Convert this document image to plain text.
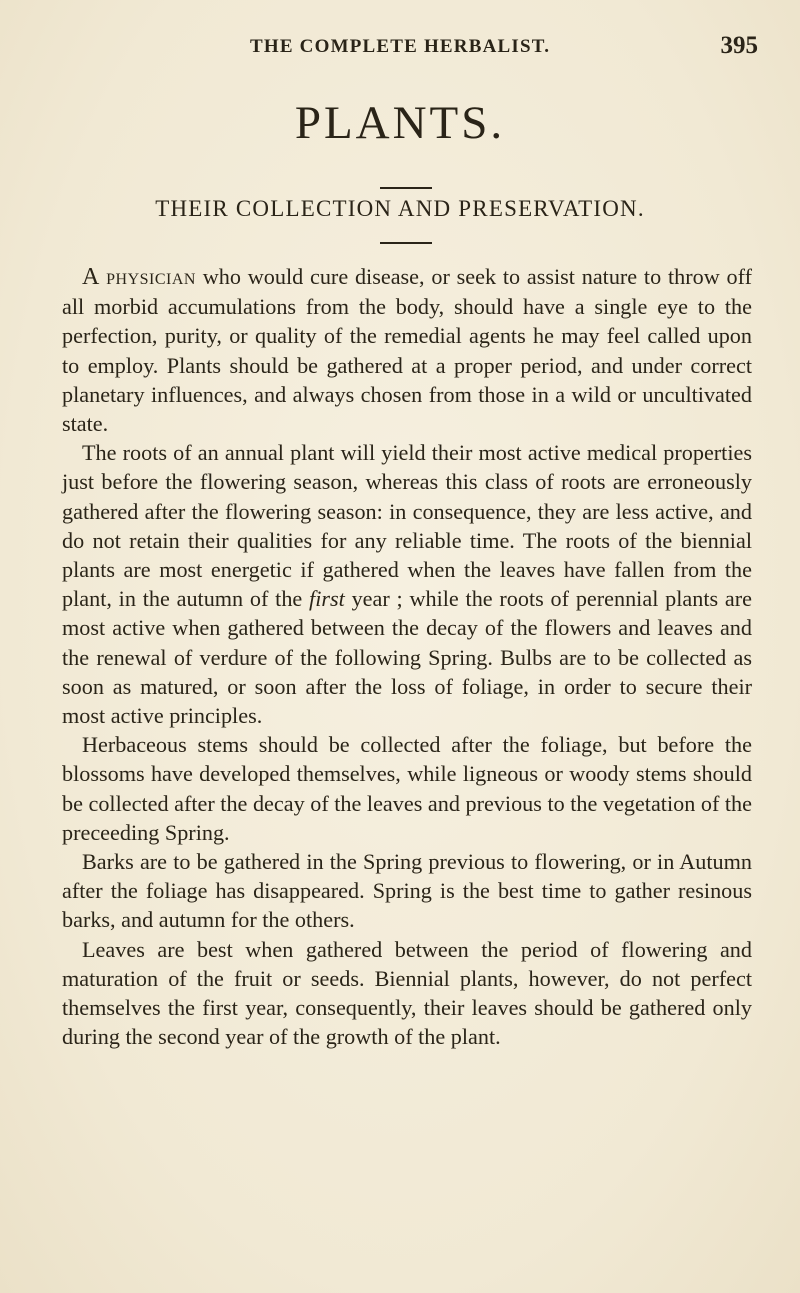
THE COMPLETE HERBALIST.	395
PLANTS.
THEIR COLLECTION AND PRESERVATION.

A physician who would cure disease, or seek to assist nature to throw off all morbid accumulations from the body, should have a single eye to the perfection, purity, or quality of the remedial agents he may feel called upon to employ. Plants should be gathered at a proper period, and under correct planetary influences, and always chosen from those in a wild or uncultivated state.

The roots of an annual plant will yield their most active medical properties just before the flowering season, whereas this class of roots are erroneously gathered after the flowering season: in consequence, they are less active, and do not retain their qualities for any reliable time. The roots of the biennial plants are most energetic if gathered when the leaves have fallen from the plant, in the autumn of the first year ; while the roots of perennial plants are most active when gathered between the decay of the flowers and leaves and the renewal of verdure of the following Spring. Bulbs are to be collected as soon as matured, or soon after the loss of foliage, in order to secure their most active principles.

Herbaceous stems should be collected after the foliage, but before the blossoms have developed themselves, while ligneous or woody stems should be collected after the decay of the leaves and previous to the vegetation of the preceeding Spring.

Barks are to be gathered in the Spring previous to flowering, or in Autumn after the foliage has disappeared. Spring is the best time to gather resinous barks, and autumn for the others.

Leaves are best when gathered between the period of flowering and maturation of the fruit or seeds. Biennial plants, however, do not perfect themselves the first year, consequently, their leaves should be gathered only during the second year of the growth of the plant.
